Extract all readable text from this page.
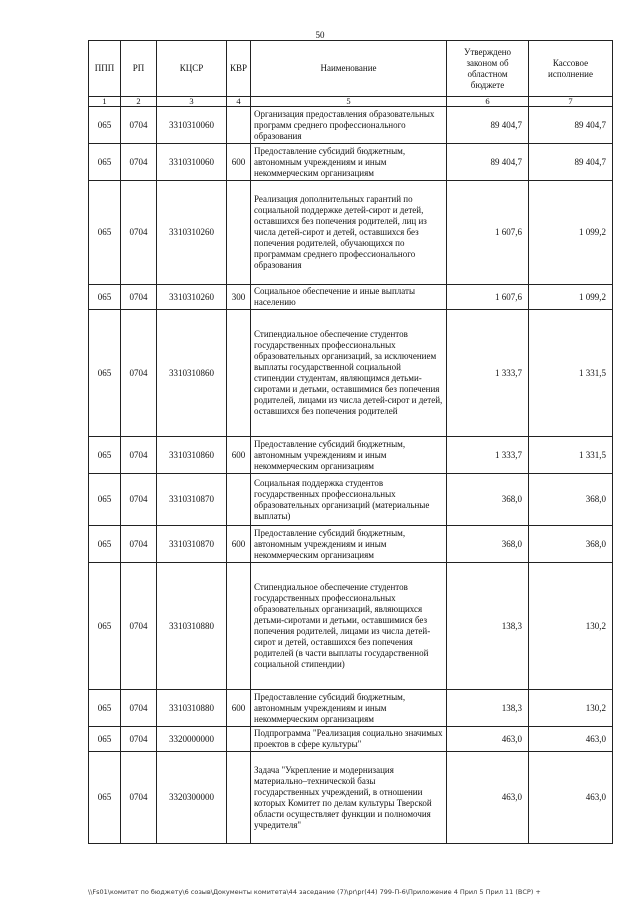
50
ППП	РП	КЦСР	КВР	Наименование	Утверждено законом об областном бюджете	Кассовое исполнение
1	2	3	4	5	6	7
065	0704	3310310060		Организация предоставления образовательных программ среднего профессионального образования	89 404,7	89 404,7
065	0704	3310310060	600	Предоставление субсидий бюджетным, автономным учреждениям и иным некоммерческим организациям	89 404,7	89 404,7
065	0704	3310310260		Реализация дополнительных гарантий по социальной поддержке детей-сирот и детей, оставшихся без попечения родителей, лиц из числа детей-сирот и детей, оставшихся без попечения родителей, обучающихся по программам среднего профессионального образования	1 607,6	1 099,2
065	0704	3310310260	300	Социальное обеспечение и иные выплаты населению	1 607,6	1 099,2
065	0704	3310310860		Стипендиальное обеспечение студентов государственных профессиональных образовательных организаций, за исключением выплаты государственной социальной стипендии студентам, являющимся детьми-сиротами и детьми, оставшимися без попечения родителей, лицами из числа детей-сирот и детей, оставшихся без попечения родителей	1 333,7	1 331,5
065	0704	3310310860	600	Предоставление субсидий бюджетным, автономным учреждениям и иным некоммерческим организациям	1 333,7	1 331,5
065	0704	3310310870		Социальная поддержка студентов государственных профессиональных образовательных организаций (материальные выплаты)	368,0	368,0
065	0704	3310310870	600	Предоставление субсидий бюджетным, автономным учреждениям и иным некоммерческим организациям	368,0	368,0
065	0704	3310310880		Стипендиальное обеспечение студентов государственных профессиональных образовательных организаций, являющихся детьми-сиротами и детьми, оставшимися без попечения родителей, лицами из числа детей-сирот и детей, оставшихся без попечения родителей (в части выплаты государственной социальной стипендии)	138,3	130,2
065	0704	3310310880	600	Предоставление субсидий бюджетным, автономным учреждениям и иным некоммерческим организациям	138,3	130,2
065	0704	3320000000		Подпрограмма "Реализация социально значимых проектов в сфере культуры"	463,0	463,0
065	0704	3320300000		Задача "Укрепление и модернизация материально–технической базы государственных учреждений, в отношении которых Комитет по делам культуры Тверской области осуществляет функции и полномочия учредителя"	463,0	463,0
\\Fs01\комитет по бюджету\6 созыв\Документы комитета\44 заседание (7)\pr\pr(44) 799-П-6\Приложение 4 Прил 5 Прил 11 (ВСР) +
